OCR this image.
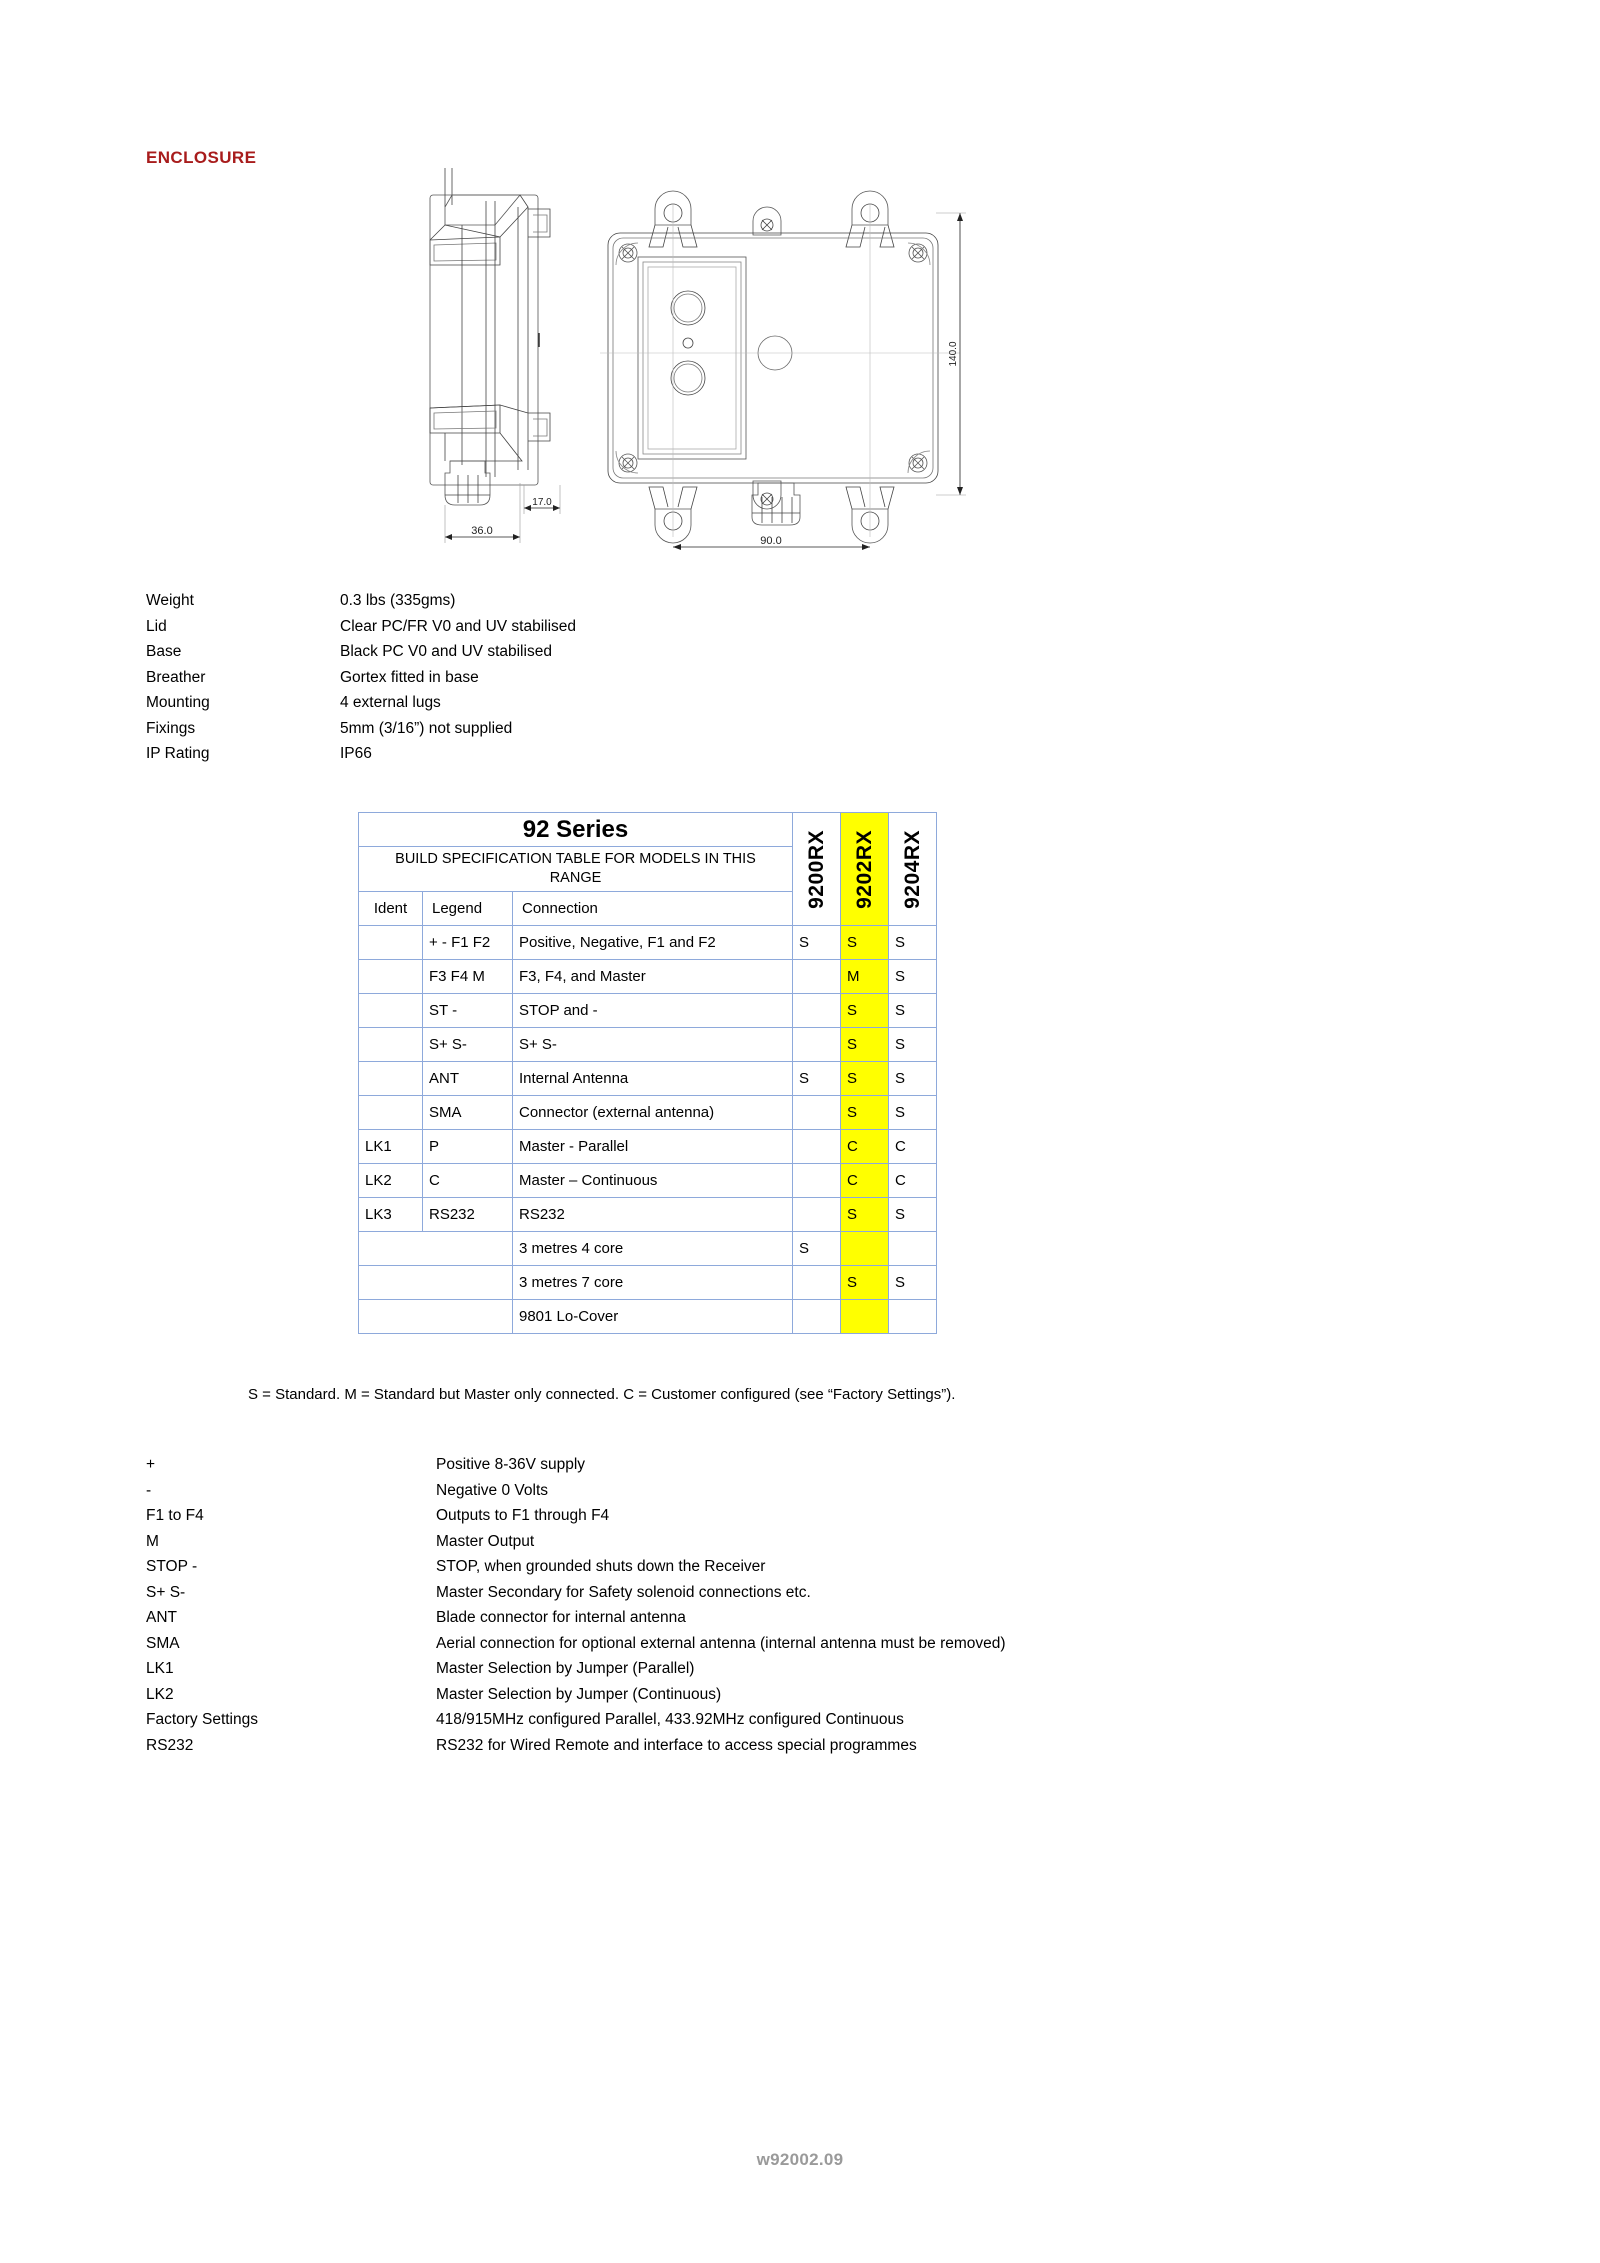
ENCLOSURE
36.0
17.0
90.0
140.0
Weight	0.3 lbs (335gms)
Lid	Clear PC/FR V0 and UV stabilised
Base	Black PC V0 and UV stabilised
Breather	Gortex fitted in base
Mounting	4 external lugs
Fixings	5mm (3/16”) not supplied
IP Rating	IP66
92 Series			9200RX	9202RX	9204RX
BUILD SPECIFICATION TABLE FOR MODELS IN THIS RANGE					
Ident	Legend	Connection			
	+ - F1 F2	Positive, Negative, F1 and F2	S	S	S
	F3 F4 M	F3, F4, and Master		M	S
	ST -	STOP and -		S	S
	S+ S-	S+ S-		S	S
	ANT	Internal Antenna	S	S	S
	SMA	Connector (external antenna)		S	S
LK1	P	Master - Parallel		C	C
LK2	C	Master – Continuous		C	C
LK3	RS232	RS232		S	S
		3 metres 4 core	S		
		3 metres 7 core		S	S
		9801 Lo-Cover			
S = Standard. M = Standard but Master only connected. C = Customer configured (see “Factory Settings”).
+	Positive 8-36V supply
-	Negative 0 Volts
F1 to F4	Outputs to F1 through F4
M	Master Output
STOP -	STOP, when grounded shuts down the Receiver
S+ S-	Master Secondary for Safety solenoid connections etc.
ANT	Blade connector for internal antenna
SMA	Aerial connection for optional external antenna (internal antenna must be removed)
LK1	Master Selection by Jumper (Parallel)
LK2	Master Selection by Jumper (Continuous)
Factory Settings	418/915MHz configured Parallel, 433.92MHz configured Continuous
RS232	RS232 for Wired Remote and interface to access special programmes
w92002.09
